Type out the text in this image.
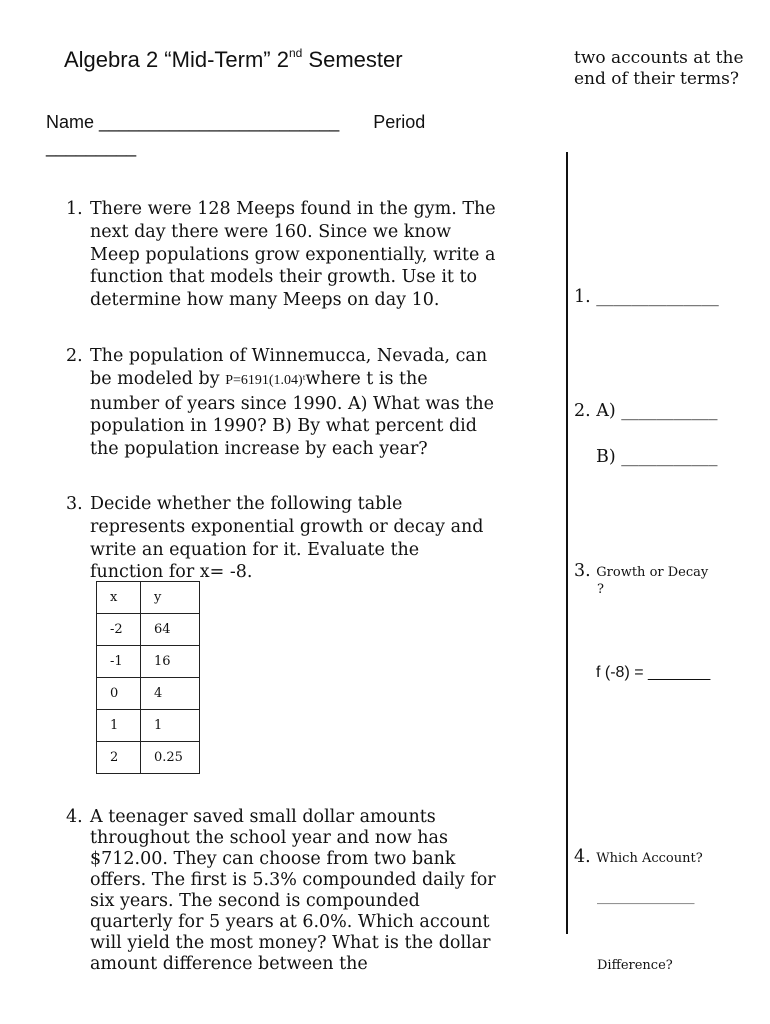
Algebra 2 “Mid-Term” 2nd Semester
Name ________________________ Period
_________
two accounts at the end of their terms?
1. There were 128 Meeps found in the gym. The next day there were 160. Since we know Meep populations grow exponentially, write a function that models their growth. Use it to determine how many Meeps on day 10.
2. The population of Winnemucca, Nevada, can be modeled by P=6191(1.04)ᵗwhere t is the number of years since 1990. A) What was the population in 1990? B) By what percent did the population increase by each year?
3. Decide whether the following table represents exponential growth or decay and write an equation for it. Evaluate the function for x= -8.
x	y
-2	64
-1	16
0	4
1	1
2	0.25
4. A teenager saved small dollar amounts throughout the school year and now has $712.00. They can choose from two bank offers. The first is 5.3% compounded daily for six years. The second is compounded quarterly for 5 years at 6.0%. Which account will yield the most money? What is the dollar amount difference between the
1. ______________
2. A) ___________
B) ___________
3. Growth or Decay
?
f (-8) = _______
4. Which Account?
_______________
Difference?
